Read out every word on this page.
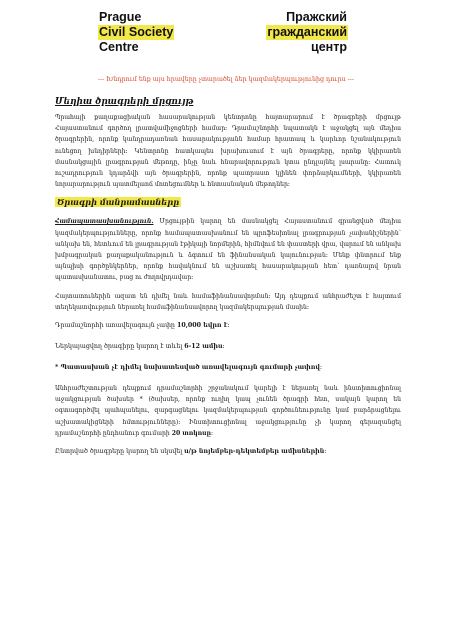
Prague	Пражский
Civil Society	гражданский
Centre	центр
--- Խնդրում ենք այս հրավերը չտարածել ձեր կազմակերպությունից դուրս ---
Մեղիա ծրագրերի մրցույթ

Պրահայի քաղաքացիական հասարակության կենտրոնը հայտարարում է ծրագրերի մրցույթ Հայաստանում գործող լրատվամիջոցների համար։ Դրամաշնորհի նպատակն է աջակցել այն մեդիա ծրագրերին, որոնք կանդրադառնան հասարակությանն համար հրատապ և կարևոր նշանակություն ունեցող խնդիրների։ Կենտրոնը հատկապես խրախուսում է այն ծրագրերը, որոնք կկիրառեն մասնակցային լրագրության մեթոդը, ինչը նաև հնարավորություն կտա ընդլայնել լսարանը։ Հատուկ ուշադրություն կդարձվի այն ծրագրերին, որոնք պատրաստ կլինեն փորձարկումների, կկիրառեն նորարարություն պատմելաոճ մոտեցումներ և հնտասնական մեթոդներ։

Ծրագրի մանրամասները

Համապատասխանություն. Մրցույթին կարող են մասնակցել Հայաստանում գրանցված մեդիա կազմակերպությունները, որոնք համապատասխանում են պրոֆեսիոնալ լրագրության չափանիշներին՝ անկախ են, հետևում են լրագրության էթիկայի նորմերին, հիմնվում են փաստերի վրա, վարում են անկախ խմբագրական քաղաքականություն և ձգտում են ֆինանսական կայունության։ Մենք փնտրում ենք այնպիսի գործընկերներ, որոնք հավակնում են աշխատել հասարակության հետ՝ դառնալով նրան պատասխանատու, բաց ու ժողովրդավար։

Հայտատուներին ազատ են դիմել նաև համաֆինանսավորման։ Այդ դեպքում անհրաժեշտ է հայտում տեղեկատվություն ներառել համաֆինանսավորող կազմակերպության մասին։

Դրամաշնորհի առավելագույն չափը 10,000 եվրո է։

Ներկայացվող ծրագիրը կարող է տևել 6-12 ամիս։

* Պատասխան չէ դիմել նախատեսված առավելագույն գումարի չափով։

Անհրաժեշտության դեպքում դրամաշնորհի շրջանակում կարելի է ներառել նաև ինստիտուցիոնալ աջակցության ծախսեր * (ծախսեր, որոնք ուղիղ կապ չունեն ծրագրի հետ, սակայն կարող են օգտագործվել պահպանելու, զարգացնելու կազմակերպության գործունեությունը կամ բարձրացնելու աշխատակիցների հմտությունները)։ Ինստիտուցիոնալ աջակցությունը չի կարող գերազանցել դրամաշնորհի ընդհանուր գումարի 20 տոկոսը։

Ընտրված ծրագրերը կարող են սկսվել ս/թ նոյեմբեր-դեկտեմբեր ամիսներին։
